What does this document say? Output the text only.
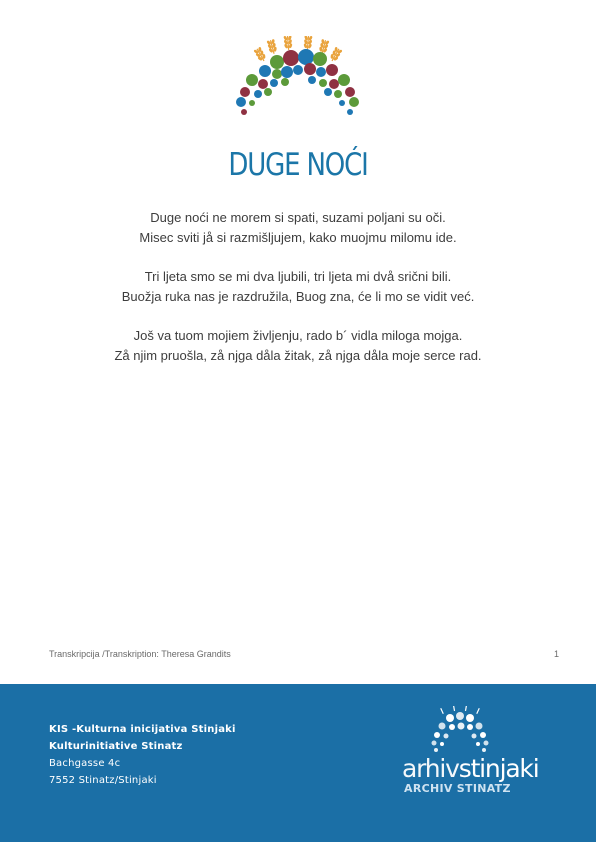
DUGE NOĆI
Duge noći ne morem si spati, suzami poljani su oči.
Misec sviti jå si razmišljujem, kako muojmu milomu ide.
Tri ljeta smo se mi dva ljubili, tri ljeta mi dvå srični bili.
Buožja ruka nas je razdružila, Buog zna, će li mo se vidit već.
Još va tuom mojiem življenju, rado b´ vidla miloga mojga.
Zå njim pruošla, zå njga dåla žitak, zå njga dåla moje serce rad.
Transkripcija /Transkription: Theresa Grandits	1
KIS -Kulturna inicijativa Stinjaki
Kulturinitiative Stinatz
Bachgasse 4c
7552 Stinatz/Stinjaki	arhivstinjaki
ARCHIV STINATZ
